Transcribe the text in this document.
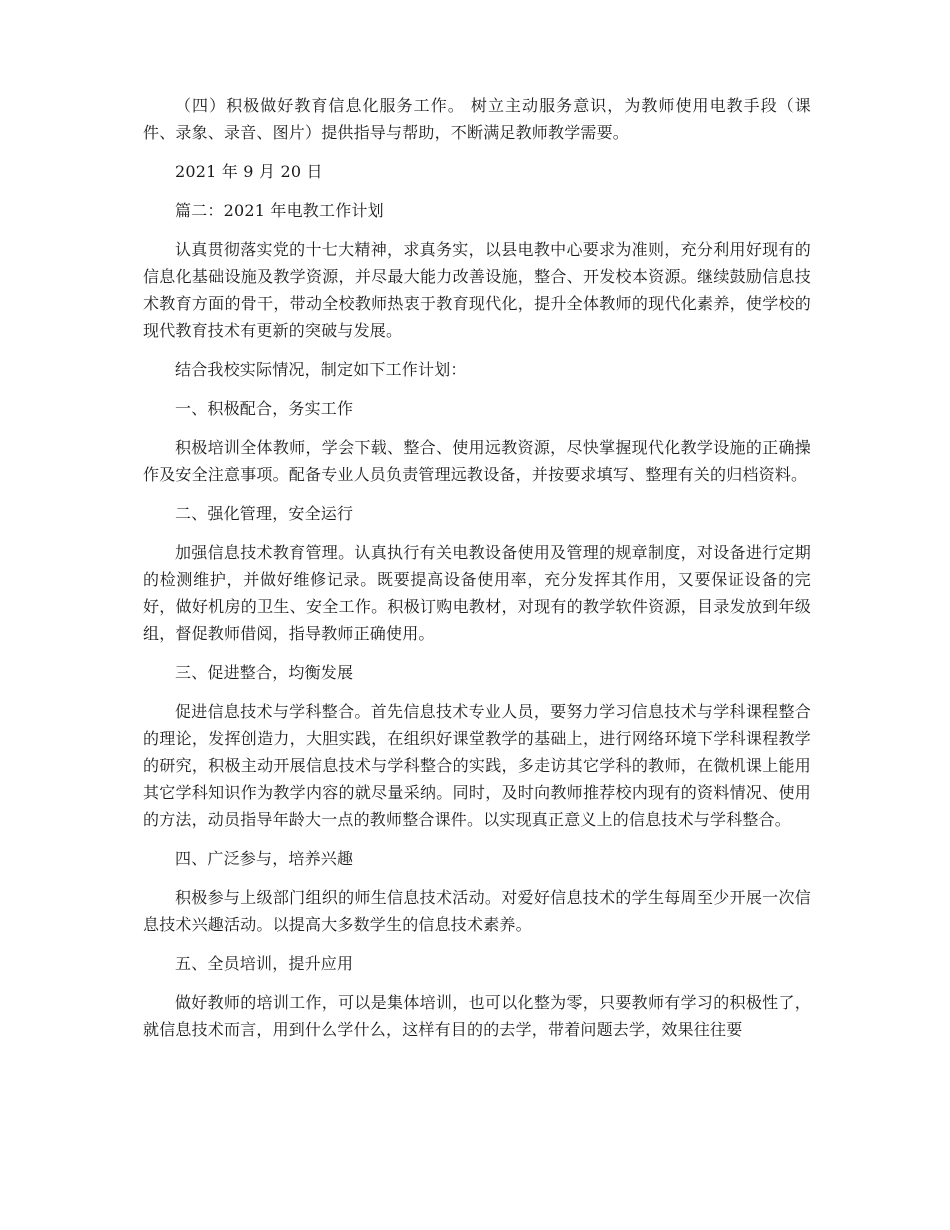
（四）积极做好教育信息化服务工作。 树立主动服务意识，为教师使用电教手段（课件、录象、录音、图片）提供指导与帮助，不断满足教师教学需要。

2021 年 9 月 20 日

篇二：2021 年电教工作计划

认真贯彻落实党的十七大精神，求真务实，以县电教中心要求为准则，充分利用好现有的信息化基础设施及教学资源，并尽最大能力改善设施，整合、开发校本资源。继续鼓励信息技术教育方面的骨干，带动全校教师热衷于教育现代化，提升全体教师的现代化素养，使学校的现代教育技术有更新的突破与发展。

结合我校实际情况，制定如下工作计划：

一、积极配合，务实工作

积极培训全体教师，学会下载、整合、使用远教资源，尽快掌握现代化教学设施的正确操作及安全注意事项。配备专业人员负责管理远教设备，并按要求填写、整理有关的归档资料。

二、强化管理，安全运行

加强信息技术教育管理。认真执行有关电教设备使用及管理的规章制度，对设备进行定期的检测维护，并做好维修记录。既要提高设备使用率，充分发挥其作用，又要保证设备的完好，做好机房的卫生、安全工作。积极订购电教材，对现有的教学软件资源，目录发放到年级组，督促教师借阅，指导教师正确使用。

三、促进整合，均衡发展

促进信息技术与学科整合。首先信息技术专业人员，要努力学习信息技术与学科课程整合的理论，发挥创造力，大胆实践，在组织好课堂教学的基础上，进行网络环境下学科课程教学的研究，积极主动开展信息技术与学科整合的实践，多走访其它学科的教师，在微机课上能用其它学科知识作为教学内容的就尽量采纳。同时，及时向教师推荐校内现有的资料情况、使用的方法，动员指导年龄大一点的教师整合课件。以实现真正意义上的信息技术与学科整合。

四、广泛参与，培养兴趣

积极参与上级部门组织的师生信息技术活动。对爱好信息技术的学生每周至少开展一次信息技术兴趣活动。以提高大多数学生的信息技术素养。

五、全员培训，提升应用

做好教师的培训工作，可以是集体培训，也可以化整为零，只要教师有学习的积极性了，就信息技术而言，用到什么学什么，这样有目的的去学，带着问题去学，效果往往要
